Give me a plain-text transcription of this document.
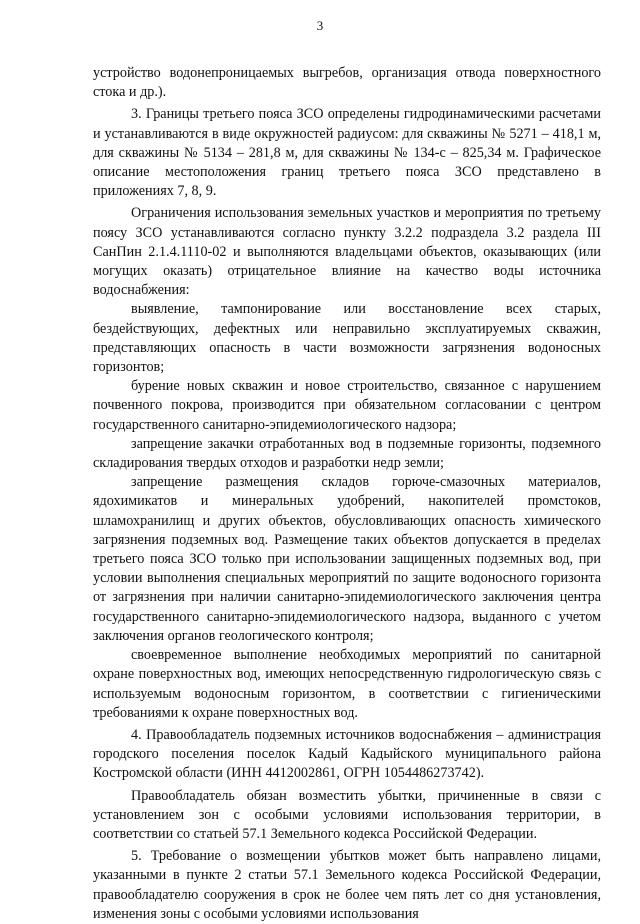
3

устройство водонепроницаемых выгребов, организация отвода поверхностного стока и др.).

3. Границы третьего пояса ЗСО определены гидродинамическими расчетами и устанавливаются в виде окружностей радиусом: для скважины № 5271 – 418,1 м, для скважины № 5134 – 281,8 м, для скважины № 134-с – 825,34 м. Графическое описание местоположения границ третьего пояса ЗСО представлено в приложениях 7, 8, 9.

Ограничения использования земельных участков и мероприятия по третьему поясу ЗСО устанавливаются согласно пункту 3.2.2 подраздела 3.2 раздела III СанПин 2.1.4.1110-02 и выполняются владельцами объектов, оказывающих (или могущих оказать) отрицательное влияние на качество воды источника водоснабжения:

выявление, тампонирование или восстановление всех старых, бездействующих, дефектных или неправильно эксплуатируемых скважин, представляющих опасность в части возможности загрязнения водоносных горизонтов;

бурение новых скважин и новое строительство, связанное с нарушением почвенного покрова, производится при обязательном согласовании с центром государственного санитарно-эпидемиологического надзора;

запрещение закачки отработанных вод в подземные горизонты, подземного складирования твердых отходов и разработки недр земли;

запрещение размещения складов горюче-смазочных материалов, ядохимикатов и минеральных удобрений, накопителей промстоков, шламохранилищ и других объектов, обусловливающих опасность химического загрязнения подземных вод. Размещение таких объектов допускается в пределах третьего пояса ЗСО только при использовании защищенных подземных вод, при условии выполнения специальных мероприятий по защите водоносного горизонта от загрязнения при наличии санитарно-эпидемиологического заключения центра государственного санитарно-эпидемиологического надзора, выданного с учетом заключения органов геологического контроля;

своевременное выполнение необходимых мероприятий по санитарной охране поверхностных вод, имеющих непосредственную гидрологическую связь с используемым водоносным горизонтом, в соответствии с гигиеническими требованиями к охране поверхностных вод.

4. Правообладатель подземных источников водоснабжения – администрация городского поселения поселок Кадый Кадыйского муниципального района Костромской области (ИНН 4412002861, ОГРН 1054486273742).

Правообладатель обязан возместить убытки, причиненные в связи с установлением зон с особыми условиями использования территории, в соответствии со статьей 57.1 Земельного кодекса Российской Федерации.

5. Требование о возмещении убытков может быть направлено лицами, указанными в пункте 2 статьи 57.1 Земельного кодекса Российской Федерации, правообладателю сооружения в срок не более чем пять лет со дня установления, изменения зоны с особыми условиями использования
